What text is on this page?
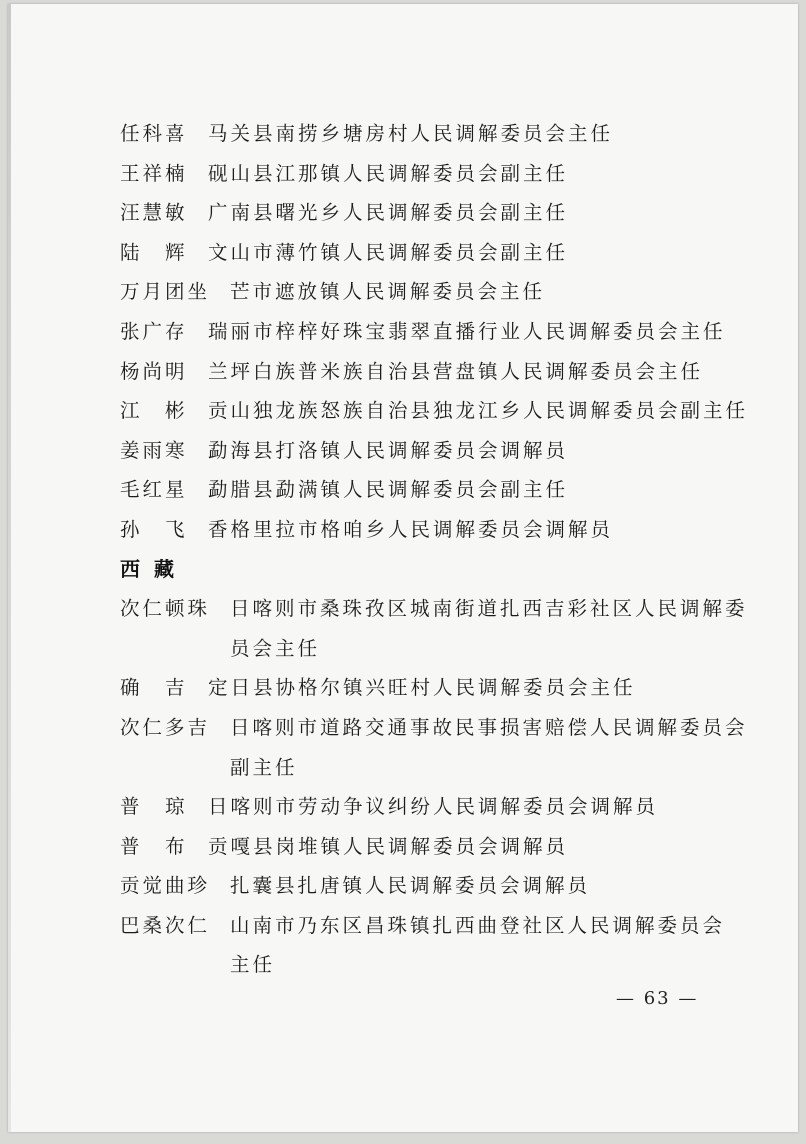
任科喜	马关县南捞乡塘房村人民调解委员会主任
王祥楠	砚山县江那镇人民调解委员会副主任
汪慧敏	广南县曙光乡人民调解委员会副主任
陆　辉	文山市薄竹镇人民调解委员会副主任
万月团坐	芒市遮放镇人民调解委员会主任
张广存	瑞丽市梓梓好珠宝翡翠直播行业人民调解委员会主任
杨尚明	兰坪白族普米族自治县营盘镇人民调解委员会主任
江　彬	贡山独龙族怒族自治县独龙江乡人民调解委员会副主任
姜雨寒	勐海县打洛镇人民调解委员会调解员
毛红星	勐腊县勐满镇人民调解委员会副主任
孙　飞	香格里拉市格咱乡人民调解委员会调解员
西藏
次仁顿珠	日喀则市桑珠孜区城南街道扎西吉彩社区人民调解委
员会主任
确　吉	定日县协格尔镇兴旺村人民调解委员会主任
次仁多吉	日喀则市道路交通事故民事损害赔偿人民调解委员会
副主任
普　琼	日喀则市劳动争议纠纷人民调解委员会调解员
普　布	贡嘎县岗堆镇人民调解委员会调解员
贡觉曲珍	扎囊县扎唐镇人民调解委员会调解员
巴桑次仁	山南市乃东区昌珠镇扎西曲登社区人民调解委员会
主任
— 63 —
